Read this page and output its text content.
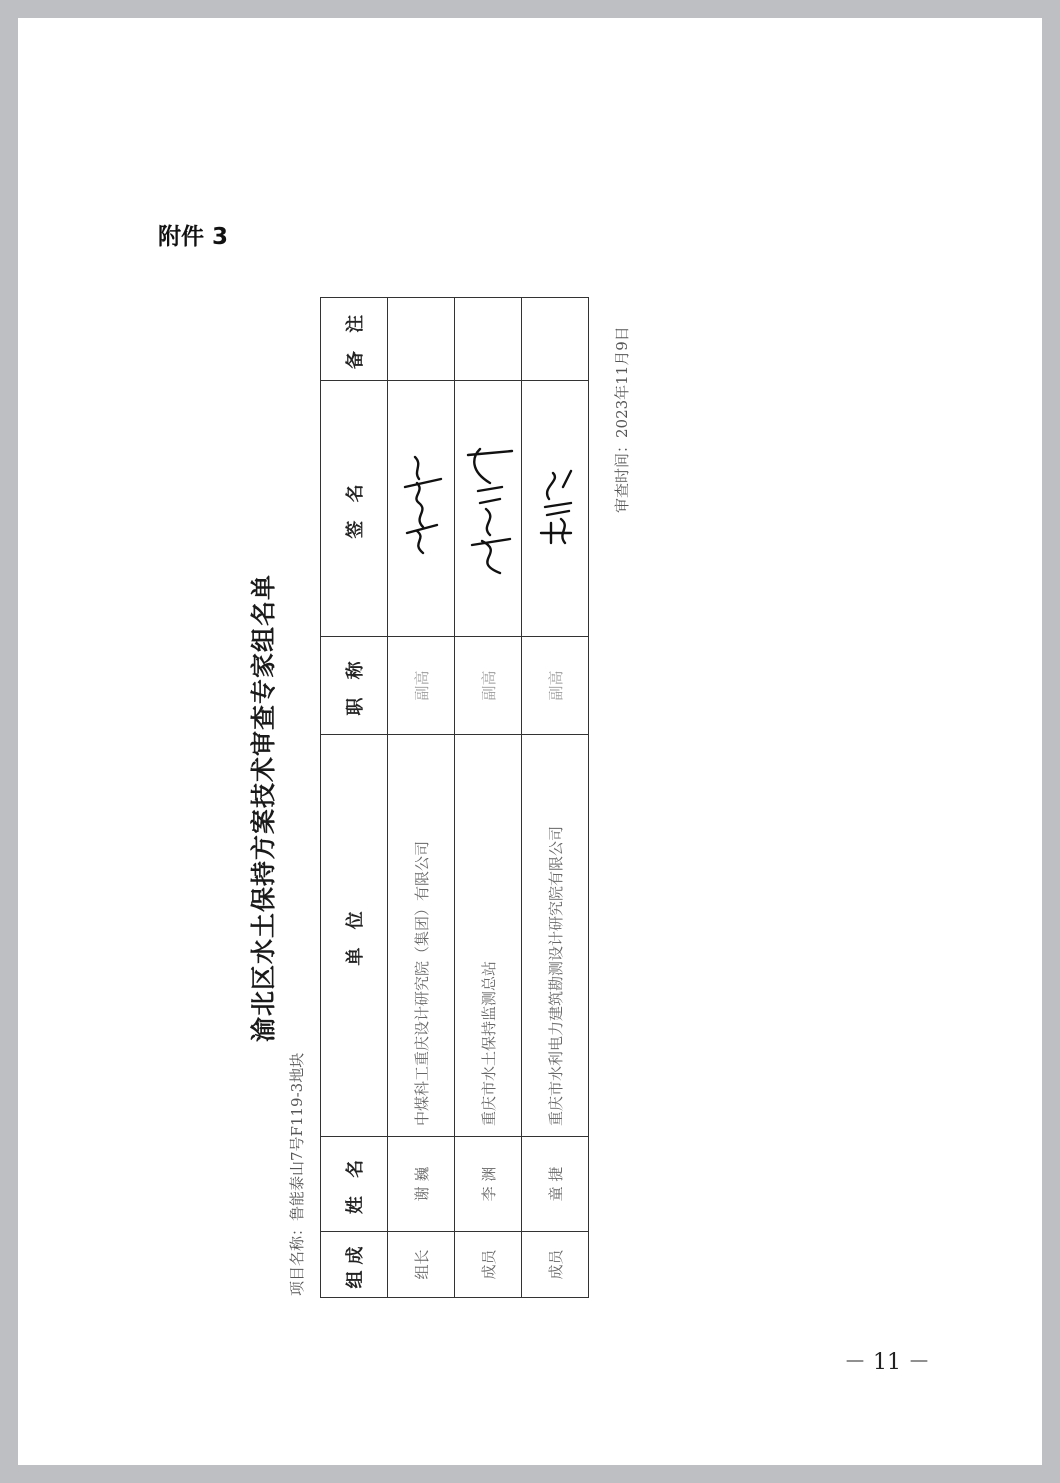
附件 3
渝北区水土保持方案技术审查专家组名单
项目名称：鲁能泰山7号F119-3地块 组成	姓 名	单 位	职 称	签 名	备 注
组长	谢 巍	中煤科工重庆设计研究院（集团）有限公司	副高	

成员	李 渊	重庆市水土保持监测总站	副高	

成员	童 捷	重庆市水利电力建筑勘测设计研究院有限公司	副高	

审查时间：2023年11月9日
－ 11 －
